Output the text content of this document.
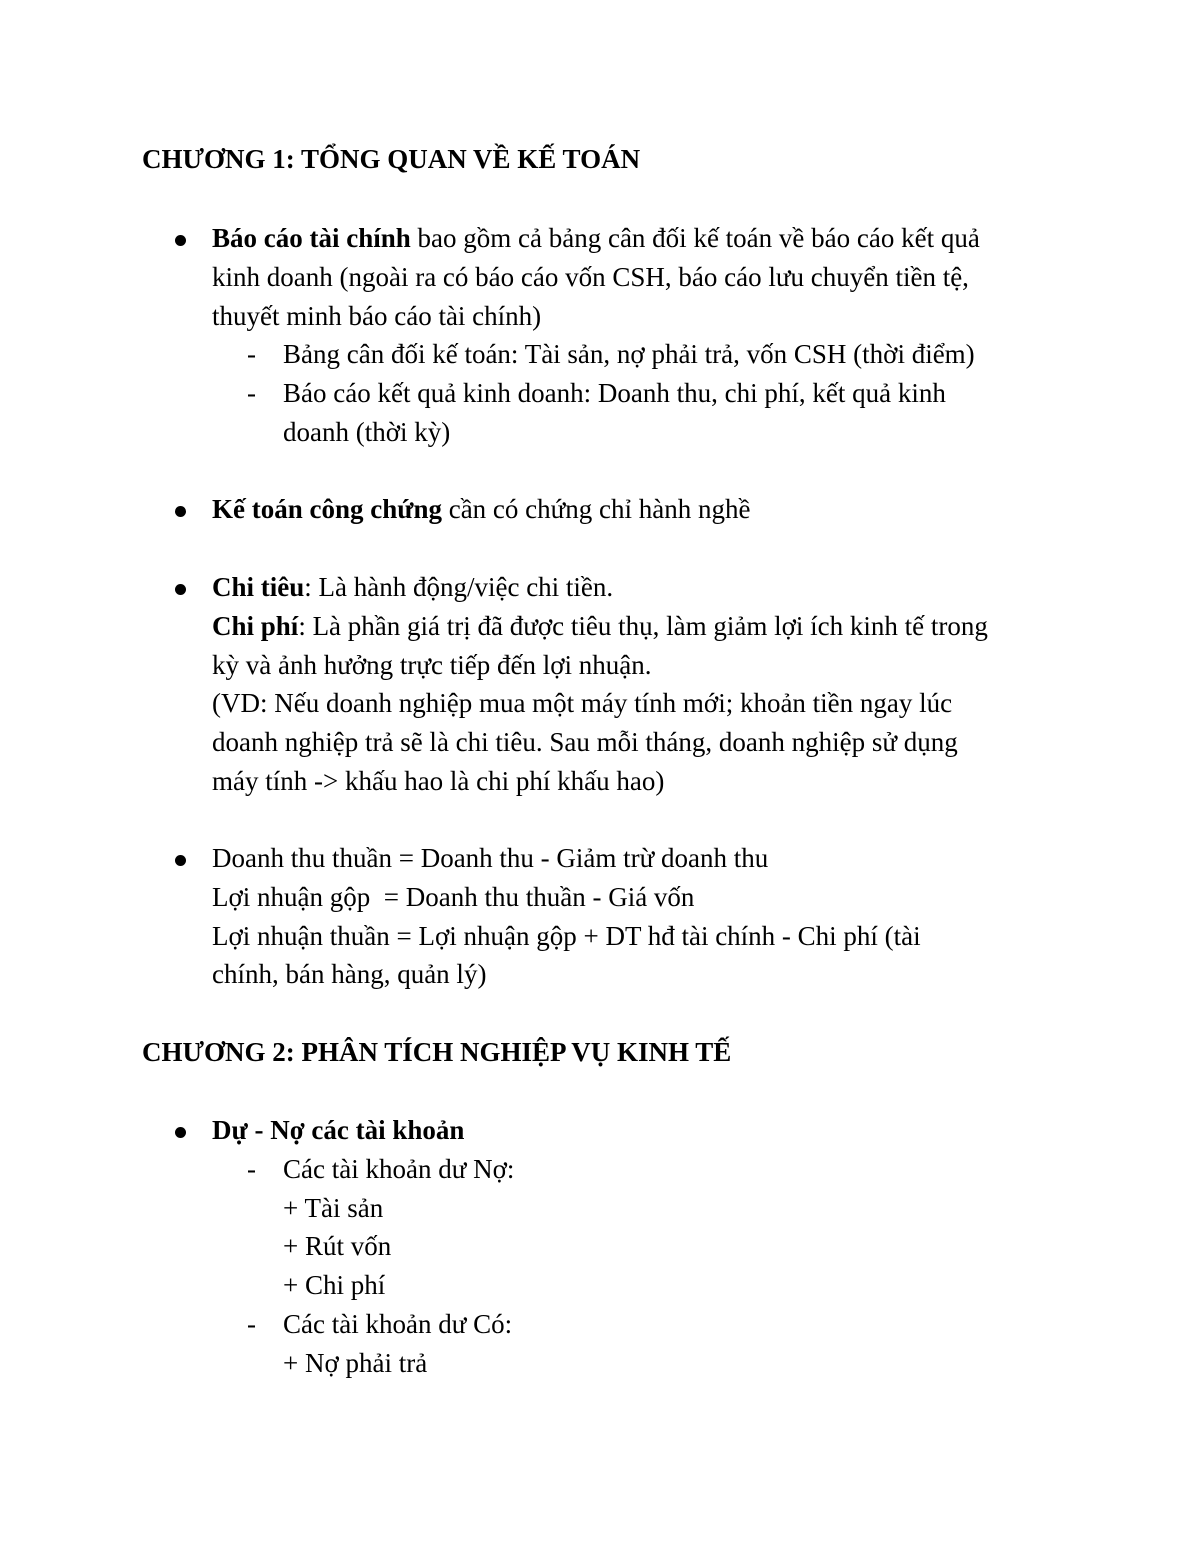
CHƯƠNG 1: TỔNG QUAN VỀ KẾ TOÁN
Báo cáo tài chính bao gồm cả bảng cân đối kế toán về báo cáo kết quả
kinh doanh (ngoài ra có báo cáo vốn CSH, báo cáo lưu chuyển tiền tệ,
thuyết minh báo cáo tài chính)
- Bảng cân đối kế toán: Tài sản, nợ phải trả, vốn CSH (thời điểm)
- Báo cáo kết quả kinh doanh: Doanh thu, chi phí, kết quả kinh
doanh (thời kỳ)
Kế toán công chứng cần có chứng chỉ hành nghề
Chi tiêu: Là hành động/việc chi tiền.
Chi phí: Là phần giá trị đã được tiêu thụ, làm giảm lợi ích kinh tế trong
kỳ và ảnh hưởng trực tiếp đến lợi nhuận.
(VD: Nếu doanh nghiệp mua một máy tính mới; khoản tiền ngay lúc
doanh nghiệp trả sẽ là chi tiêu. Sau mỗi tháng, doanh nghiệp sử dụng
máy tính -> khấu hao là chi phí khấu hao)
Doanh thu thuần = Doanh thu - Giảm trừ doanh thu
Lợi nhuận gộp  = Doanh thu thuần - Giá vốn
Lợi nhuận thuần = Lợi nhuận gộp + DT hđ tài chính - Chi phí (tài
chính, bán hàng, quản lý)
CHƯƠNG 2: PHÂN TÍCH NGHIỆP VỤ KINH TẾ
Dự - Nợ các tài khoản
- Các tài khoản dư Nợ:
+ Tài sản
+ Rút vốn
+ Chi phí
- Các tài khoản dư Có:
+ Nợ phải trả
